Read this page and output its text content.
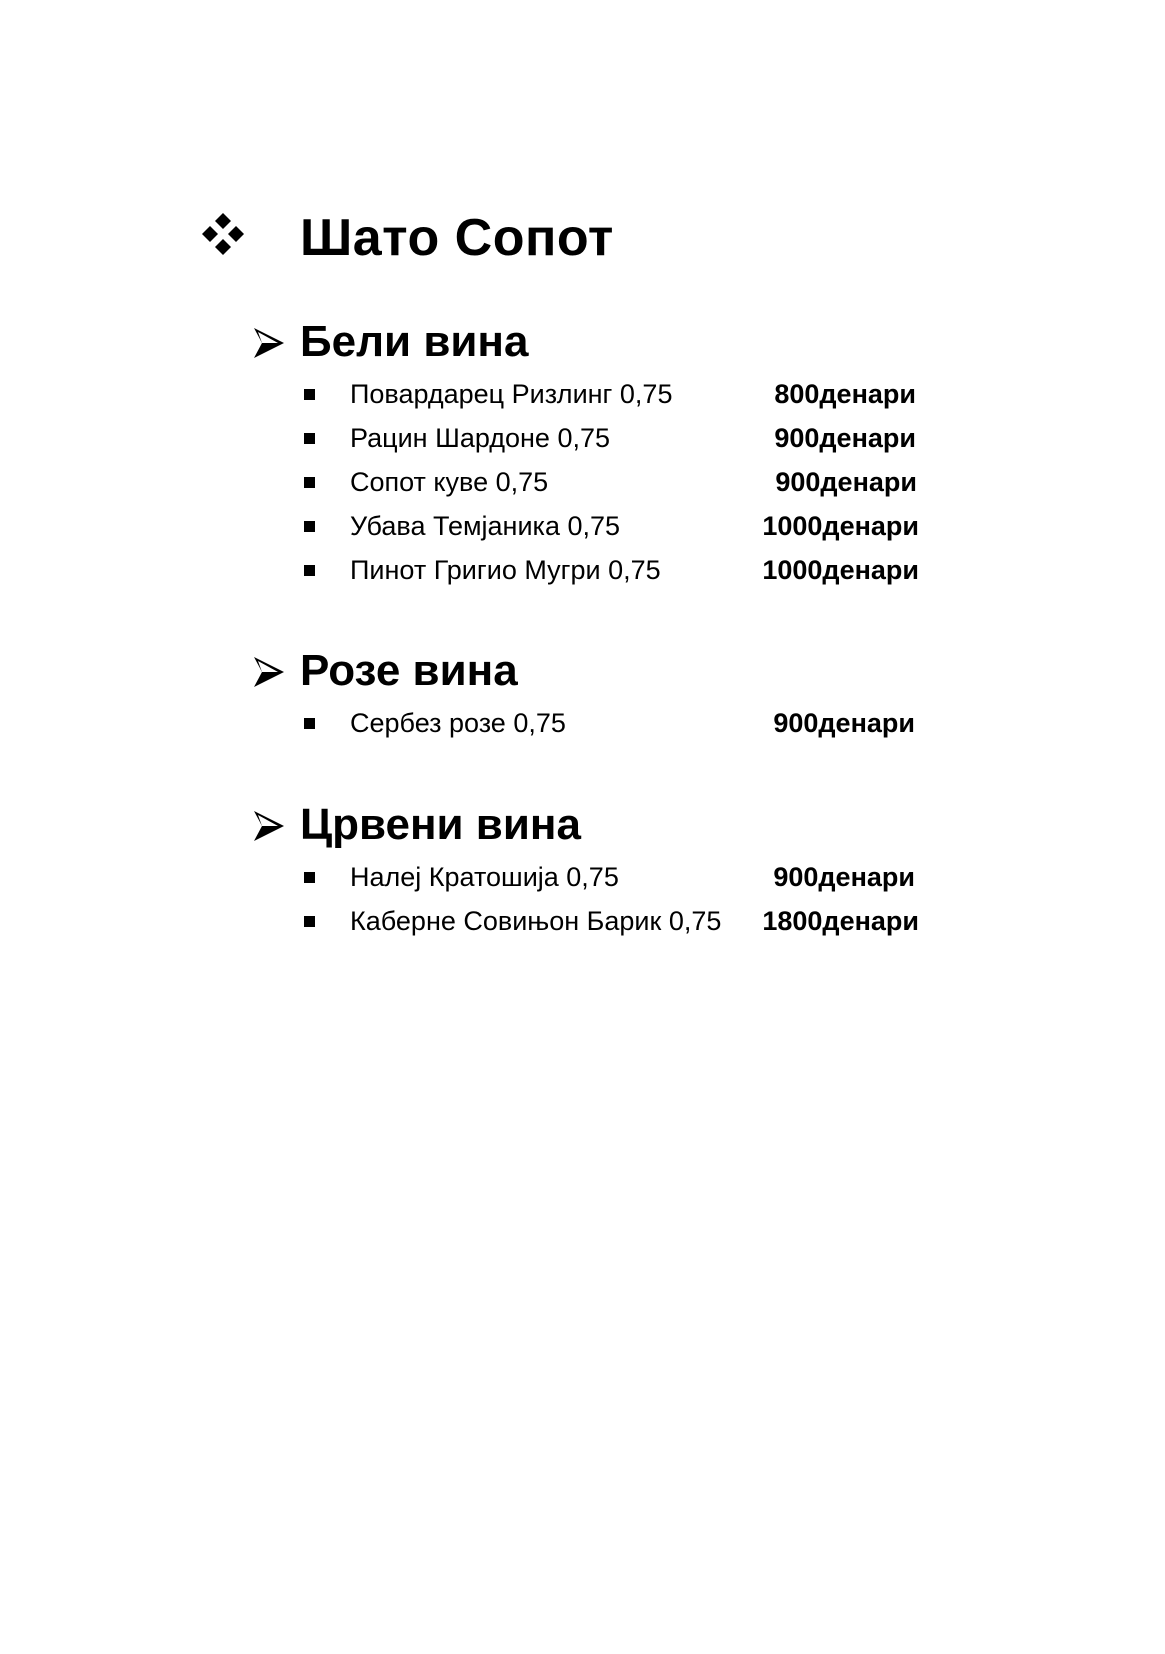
Шато Сопот
Бели вина
Повардарец Ризлинг 0,75	800денари
Рацин Шардоне 0,75	900денари
Сопот куве 0,75	900денари
Убава Темјаника 0,75	1000денари
Пинот Григио Мугри 0,75	1000денари
Розе вина
Сербез розе 0,75	900денари
Црвени вина
Налеј Кратошија 0,75	900денари
Каберне Совињон Барик 0,75 1800денари
